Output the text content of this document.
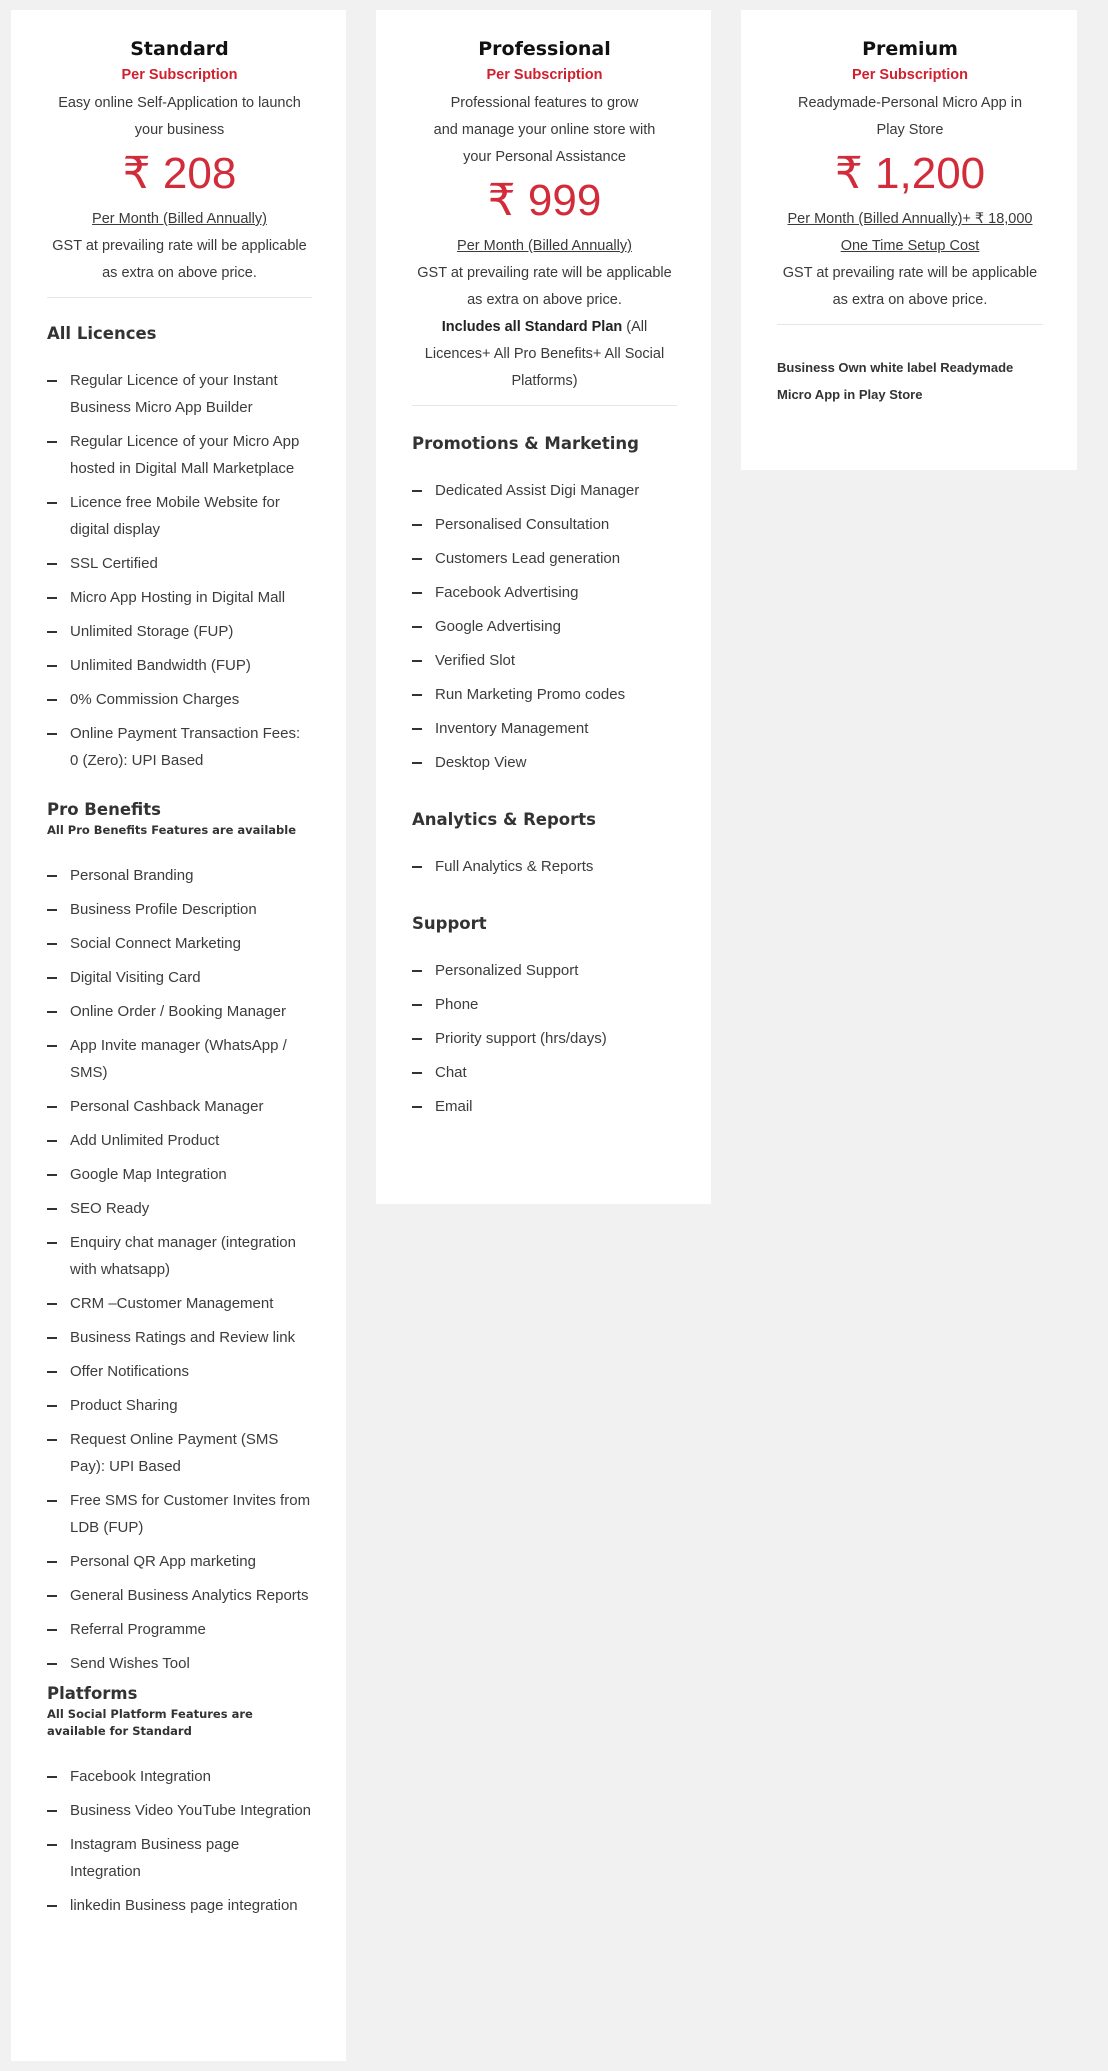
Standard
Per Subscription
Easy online Self-Application to launch your business
₹ 208
Per Month (Billed Annually)
GST at prevailing rate will be applicable as extra on above price.
All Licences
Regular Licence of your Instant Business Micro App Builder
Regular Licence of your Micro App hosted in Digital Mall Marketplace
Licence free Mobile Website for digital display
SSL Certified
Micro App Hosting in Digital Mall
Unlimited Storage (FUP)
Unlimited Bandwidth (FUP)
0% Commission Charges
Online Payment Transaction Fees: 0 (Zero): UPI Based
Pro Benefits
All Pro Benefits Features are available
Personal Branding
Business Profile Description
Social Connect Marketing
Digital Visiting Card
Online Order / Booking Manager
App Invite manager (WhatsApp / SMS)
Personal Cashback Manager
Add Unlimited Product
Google Map Integration
SEO Ready
Enquiry chat manager (integration with whatsapp)
CRM –Customer Management
Business Ratings and Review link
Offer Notifications
Product Sharing
Request Online Payment (SMS Pay): UPI Based
Free SMS for Customer Invites from LDB (FUP)
Personal QR App marketing
General Business Analytics Reports
Referral Programme
Send Wishes Tool
Platforms
All Social Platform Features are available for Standard
Facebook Integration
Business Video YouTube Integration
Instagram Business page Integration
linkedin Business page integration
Professional
Per Subscription
Professional features to grow
and manage your online store with your Personal Assistance
₹ 999
Per Month (Billed Annually)
GST at prevailing rate will be applicable as extra on above price.
Includes all Standard Plan (All Licences+ All Pro Benefits+ All Social Platforms)
Promotions & Marketing
Dedicated Assist Digi Manager
Personalised Consultation
Customers Lead generation
Facebook Advertising
Google Advertising
Verified Slot
Run Marketing Promo codes
Inventory Management
Desktop View
Analytics & Reports
Full Analytics & Reports
Support
Personalized Support
Phone
Priority support (hrs/days)
Chat
Email
Premium
Per Subscription
Readymade-Personal Micro App in Play Store
₹ 1,200
Per Month (Billed Annually)+ ₹ 18,000 One Time Setup Cost
GST at prevailing rate will be applicable as extra on above price.
Business Own white label Readymade Micro App in Play Store
